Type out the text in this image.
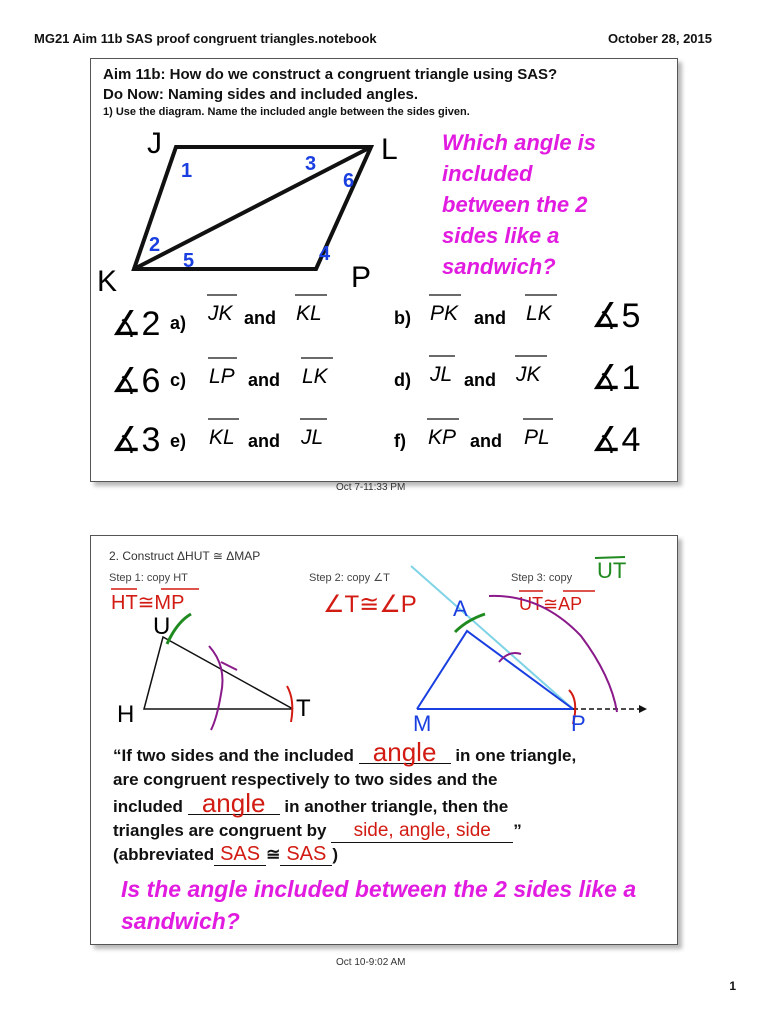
MG21 Aim 11b SAS proof congruent triangles.notebook	October 28, 2015
Aim 11b: How do we construct a congruent triangle using SAS?
Do Now: Naming sides and included angles.
1) Use the diagram. Name the included angle between the sides given.
J	L
K	P
1
2
3
4
5
6
∡2 a) JK and KL	b) PK and LK ∡5
∡6 c) LP and LK	d) JL and JK ∡1
∡3 e) KL and JL	f) KP and PL ∡4
Which angle is
included
between the 2
sides like a
sandwich?
Oct 7-11:33 PM
2. Construct ΔHUT ≅ ΔMAP
Step 1: copy HT	Step 2: copy ∠T	Step 3: copy UT
HT≅MP	∠T≅∠P	UT≅AP
U
H	T
A
M	P
“If two sides and the included angle in one triangle,
are congruent respectively to two sides and the
included angle in another triangle, then the
triangles are congruent by side, angle, side ”
(abbreviated SAS ≅ SAS )
Is the angle included between the 2 sides like a sandwich?
Oct 10-9:02 AM
1
